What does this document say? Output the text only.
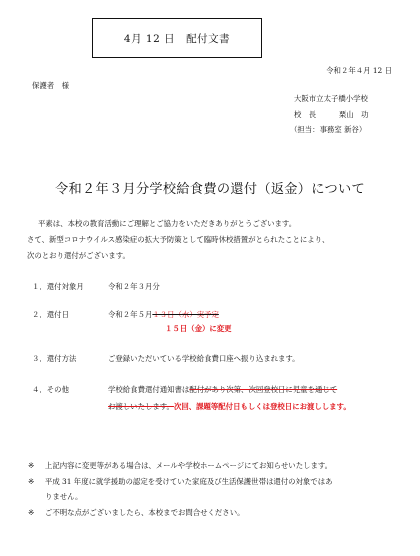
4月 12 日　配付文書
令和２年４月 12 日
保護者　様
大阪市立太子橋小学校
校　長	栗山　功
（担当：事務室 新谷）
令和２年３月分学校給食費の還付（返金）について
平素は、本校の教育活動にご理解とご協力をいただきありがとうございます。
さて、新型コロナウイルス感染症の拡大予防策として臨時休校措置がとられたことにより、
次のとおり還付がございます。
１．還付対象月	令和２年３月分
２．還付日	令和２年５月１３日（水）実予定
１５日（金）に変更
３．還付方法	ご登録いただいている学校給食費口座へ振り込まれます。
４．その他	学校給食費還付通知書は配付があり次第、次回登校日に児童を通じて
お渡しいたします。次回、課題等配付日もしくは登校日にお渡しします。
※ 上記内容に変更等がある場合は、メールや学校ホームページにてお知らせいたします。
※ 平成 31 年度に就学援助の認定を受けていた家庭及び生活保護世帯は還付の対象ではあ
りません。
※ ご不明な点がございましたら、本校までお問合せください。
